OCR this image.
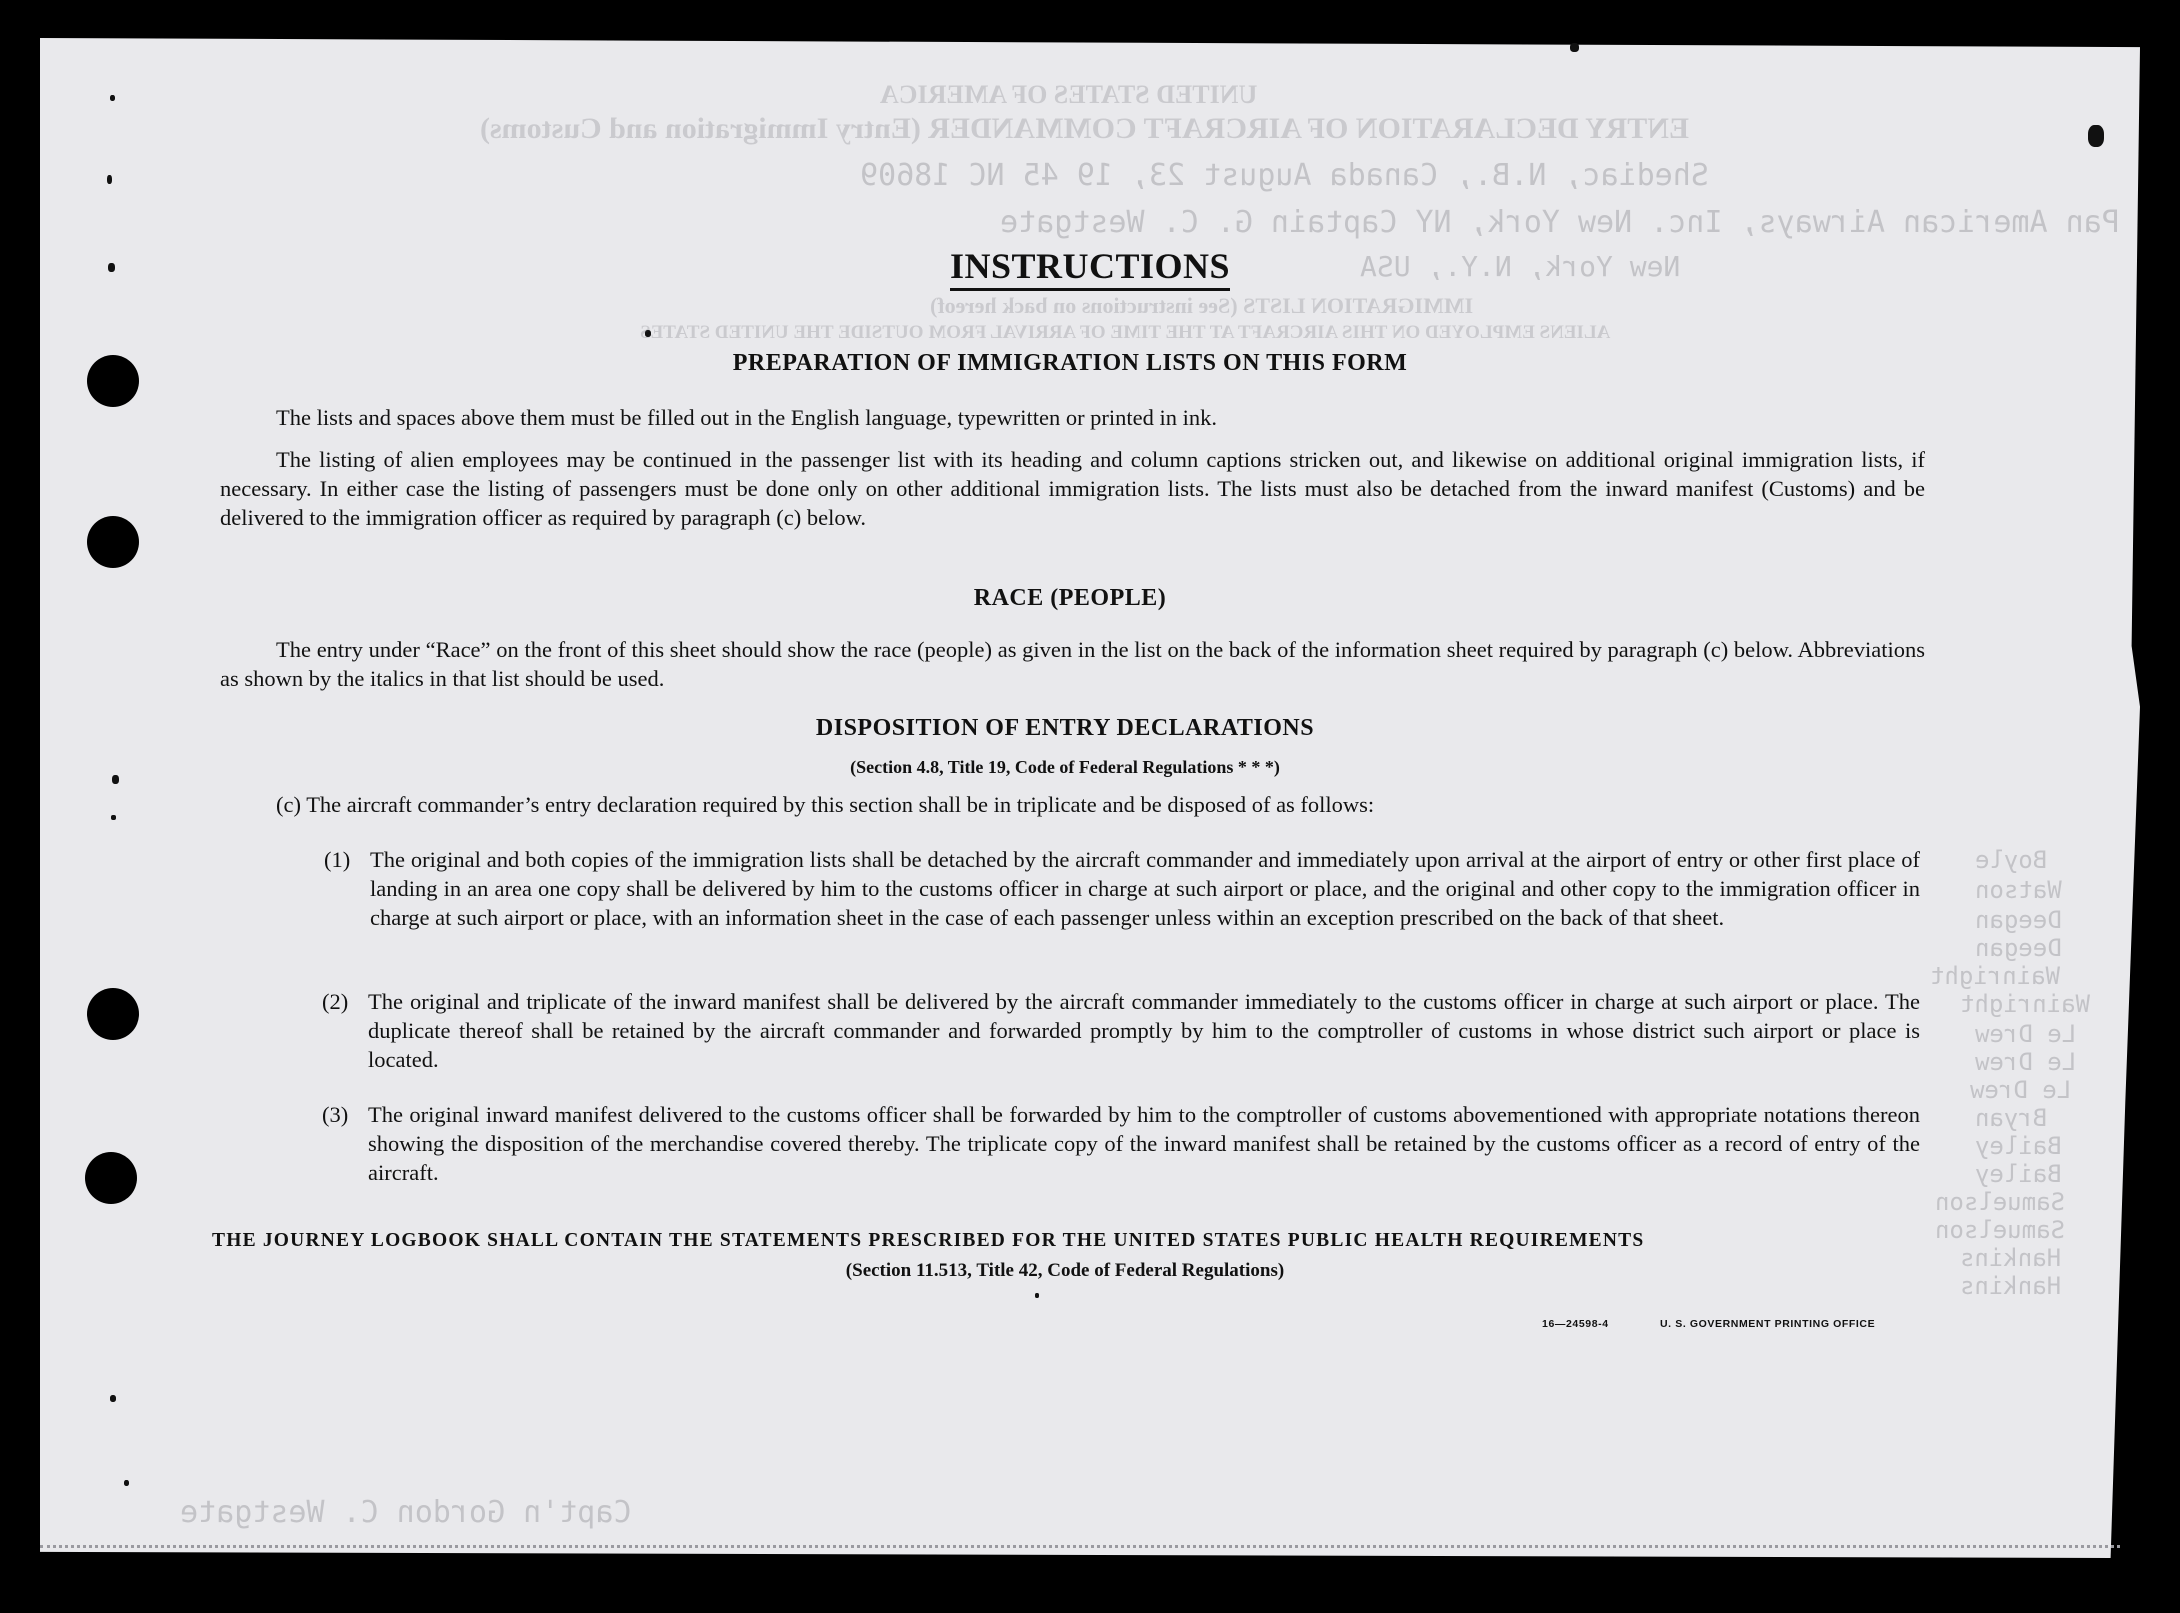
UNITED STATES OF AMERICA
ENTRY DECLARATION OF AIRCRAFT COMMANDER (Entry Immigration and Customs)
Shediac, N.B., Canada August 23, 19 45 NC 18609
Pan American Airways, Inc. New York, NY Captain G. C. Westgate
New York, N.Y., USA
IMMIGRATION LISTS (See instructions on back hereof)
ALIENS EMPLOYED ON THIS AIRCRAFT AT THE TIME OF ARRIVAL FROM OUTSIDE THE UNITED STATES
Boyle
Watson
Deegan
Deegan
Wainright
Wainright
Le Drew
Le Drew
Le Drew
Bryan
Bailey
Bailey
Samuelson
Samuelson
Hankins
Hankins
Capt'n Gordon C. Westgate
INSTRUCTIONS
PREPARATION OF IMMIGRATION LISTS ON THIS FORM
The lists and spaces above them must be filled out in the English language, typewritten or printed in ink.
The listing of alien employees may be continued in the passenger list with its heading and column captions stricken out, and likewise on additional original immigration lists, if necessary. In either case the listing of passengers must be done only on other additional immigration lists. The lists must also be detached from the inward manifest (Customs) and be delivered to the immigration officer as required by paragraph (c) below.
RACE (PEOPLE)
The entry under “Race” on the front of this sheet should show the race (people) as given in the list on the back of the information sheet required by paragraph (c) below. Abbreviations as shown by the italics in that list should be used.
DISPOSITION OF ENTRY DECLARATIONS
(Section 4.8, Title 19, Code of Federal Regulations * * *)
(c) The aircraft commander’s entry declaration required by this section shall be in triplicate and be disposed of as follows:
(1) The original and both copies of the immigration lists shall be detached by the aircraft commander and immediately upon arrival at the airport of entry or other first place of landing in an area one copy shall be delivered by him to the customs officer in charge at such airport or place, and the original and other copy to the immigration officer in charge at such airport or place, with an information sheet in the case of each passenger unless within an exception prescribed on the back of that sheet.
(2) The original and triplicate of the inward manifest shall be delivered by the aircraft commander immediately to the customs officer in charge at such airport or place. The duplicate thereof shall be retained by the aircraft commander and forwarded promptly by him to the comptroller of customs in whose district such airport or place is located.
(3) The original inward manifest delivered to the customs officer shall be forwarded by him to the comptroller of customs abovementioned with appropriate notations thereon showing the disposition of the merchandise covered thereby. The triplicate copy of the inward manifest shall be retained by the customs officer as a record of entry of the aircraft.
THE JOURNEY LOGBOOK SHALL CONTAIN THE STATEMENTS PRESCRIBED FOR THE UNITED STATES PUBLIC HEALTH REQUIREMENTS
(Section 11.513, Title 42, Code of Federal Regulations)
16—24598-4	U. S. GOVERNMENT PRINTING OFFICE
